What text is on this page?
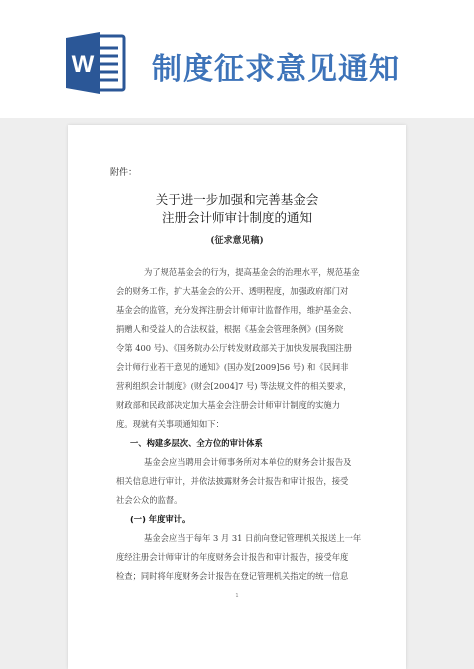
W 制度征求意见通知
附件：
关于进一步加强和完善基金会
注册会计师审计制度的通知
(征求意见稿)
为了规范基金会的行为，提高基金会的治理水平，规范基金
会的财务工作，扩大基金会的公开、透明程度，加强政府部门对
基金会的监管，充分发挥注册会计师审计监督作用，维护基金会、
捐赠人和受益人的合法权益，根据《基金会管理条例》(国务院
令第 400 号)、《国务院办公厅转发财政部关于加快发展我国注册
会计师行业若干意见的通知》(国办发[2009]56 号) 和《民间非
营利组织会计制度》(财会[2004]7 号) 等法规文件的相关要求，
财政部和民政部决定加大基金会注册会计师审计制度的实施力
度。现就有关事项通知如下：
一、构建多层次、全方位的审计体系
基金会应当聘用会计师事务所对本单位的财务会计报告及
相关信息进行审计，并依法披露财务会计报告和审计报告，接受
社会公众的监督。
(一) 年度审计。
基金会应当于每年 3 月 31 日前向登记管理机关报送上一年
度经注册会计师审计的年度财务会计报告和审计报告，接受年度
检查；同时将年度财务会计报告在登记管理机关指定的统一信息
1
